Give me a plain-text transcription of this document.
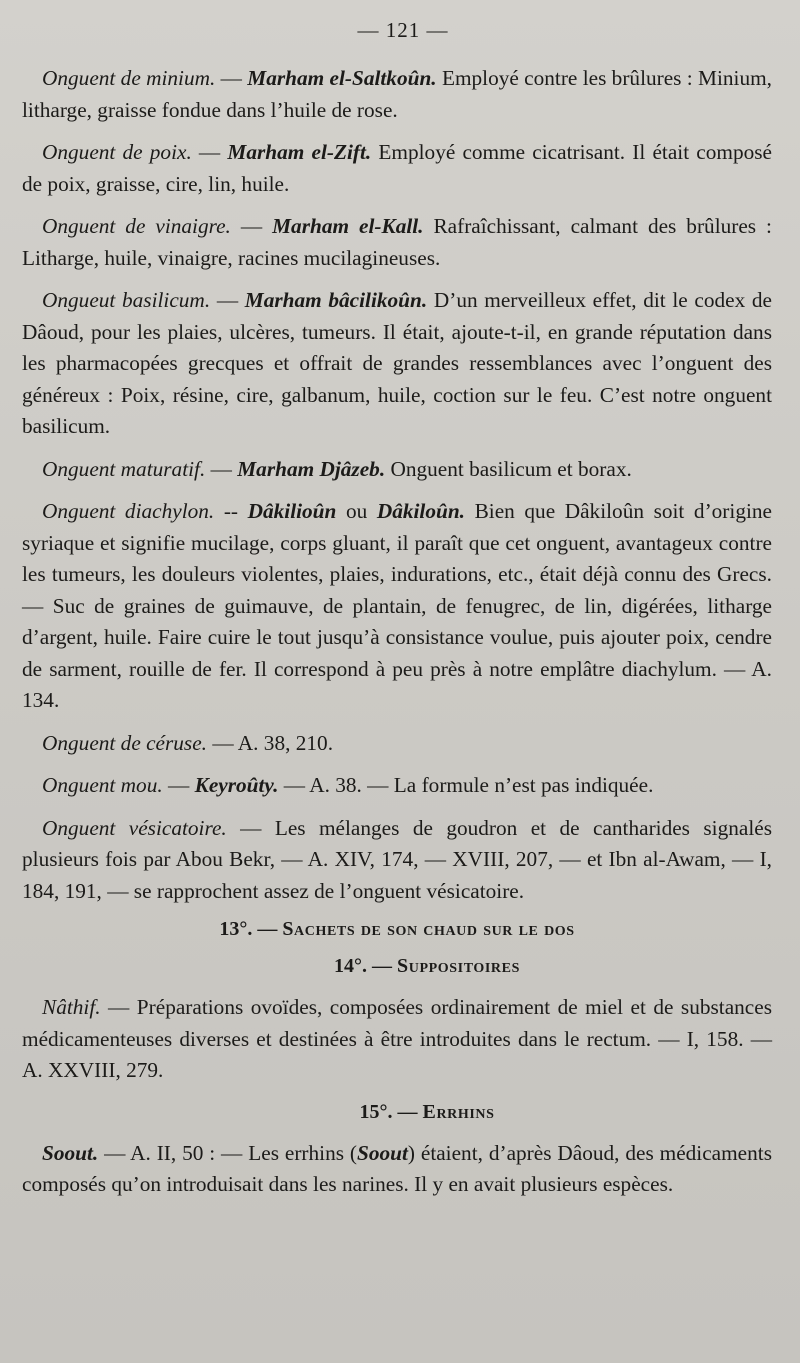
— 121 —

Onguent de minium. — Marham el-Saltkoûn. Employé contre les brûlures : Minium, litharge, graisse fondue dans l’huile de rose.

Onguent de poix. — Marham el-Zift. Employé comme cicatrisant. Il était composé de poix, graisse, cire, lin, huile.

Onguent de vinaigre. — Marham el-Kall. Rafraîchissant, calmant des brûlures : Litharge, huile, vinaigre, racines mucilagineuses.

Ongueut basilicum. — Marham bâcilikoûn. D’un merveilleux effet, dit le codex de Dâoud, pour les plaies, ulcères, tumeurs. Il était, ajoute-t-il, en grande réputation dans les pharmacopées grecques et offrait de grandes ressemblances avec l’onguent des généreux : Poix, résine, cire, galbanum, huile, coction sur le feu. C’est notre onguent basilicum.

Onguent maturatif. — Marham Djâzeb. Onguent basilicum et borax.

Onguent diachylon. -- Dâkilioûn ou Dâkiloûn. Bien que Dâkiloûn soit d’origine syriaque et signifie mucilage, corps gluant, il paraît que cet onguent, avantageux contre les tumeurs, les douleurs violentes, plaies, indurations, etc., était déjà connu des Grecs. — Suc de graines de guimauve, de plantain, de fenugrec, de lin, digérées, litharge d’argent, huile. Faire cuire le tout jusqu’à consistance voulue, puis ajouter poix, cendre de sarment, rouille de fer. Il correspond à peu près à notre emplâtre diachylum. — A. 134.

Onguent de céruse. — A. 38, 210.

Onguent mou. — Keyroûty. — A. 38. — La formule n’est pas indiquée.

Onguent vésicatoire. — Les mélanges de goudron et de cantharides signalés plusieurs fois par Abou Bekr, — A. XIV, 174, — XVIII, 207, — et Ibn al-Awam, — I, 184, 191, — se rapprochent assez de l’onguent vésicatoire.

13°. — Sachets de son chaud sur le dos
14°. — Suppositoires

Nâthif. — Préparations ovoïdes, composées ordinairement de miel et de substances médicamenteuses diverses et destinées à être introduites dans le rectum. — I, 158. — A. XXVIII, 279.

15°. — Errhins

Soout. — A. II, 50 : — Les errhins (Soout) étaient, d’après Dâoud, des médicaments composés qu’on introduisait dans les narines. Il y en avait plusieurs espèces.
